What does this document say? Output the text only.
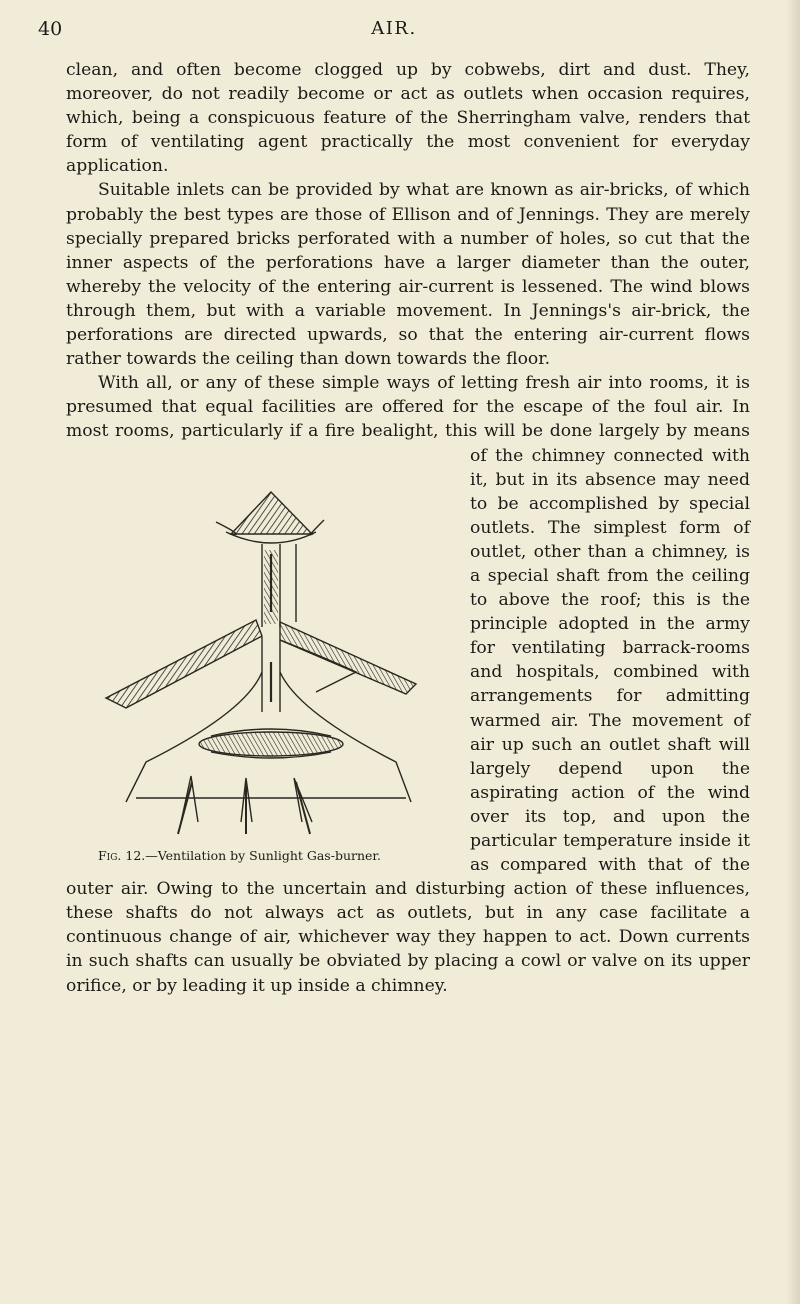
40	AIR.

clean, and often become clogged up by cobwebs, dirt and dust. They, moreover, do not readily become or act as outlets when occasion requires, which, being a conspicuous feature of the Sherringham valve, renders that form of ventilating agent practically the most convenient for everyday application.

Suitable inlets can be provided by what are known as air-bricks, of which probably the best types are those of Ellison and of Jennings. They are merely specially prepared bricks perforated with a number of holes, so cut that the inner aspects of the perforations have a larger diameter than the outer, whereby the velocity of the entering air-current is lessened. The wind blows through them, but with a variable movement. In Jennings's air-brick, the perforations are directed upwards, so that the entering air-current flows rather towards the ceiling than down towards the floor.

With all, or any of these simple ways of letting fresh air into rooms, it is presumed that equal facilities are offered for the escape of the foul air. In most rooms, particularly if a fire be
Fig. 12.—Ventilation by Sunlight Gas-burner.
alight, this will be done largely by means of the chimney connected with it, but in its absence may need to be accomplished by special outlets. The simplest form of outlet, other than a chimney, is a special shaft from the ceiling to above the roof; this is the principle adopted in the army for ventilating barrack-rooms and hospitals, combined with arrangements for admitting warmed air. The movement of air up such an outlet shaft will largely depend upon the aspirating action of the wind over its top, and upon the particular temperature inside it as compared with that of the outer air. Owing to the uncertain and disturbing action of these influences, these shafts do not always act as outlets, but in any case facilitate a continuous change of air, whichever way they happen to act. Down currents in such shafts can usually be obviated by placing a cowl or valve on its upper orifice, or by leading it up inside a chimney.
